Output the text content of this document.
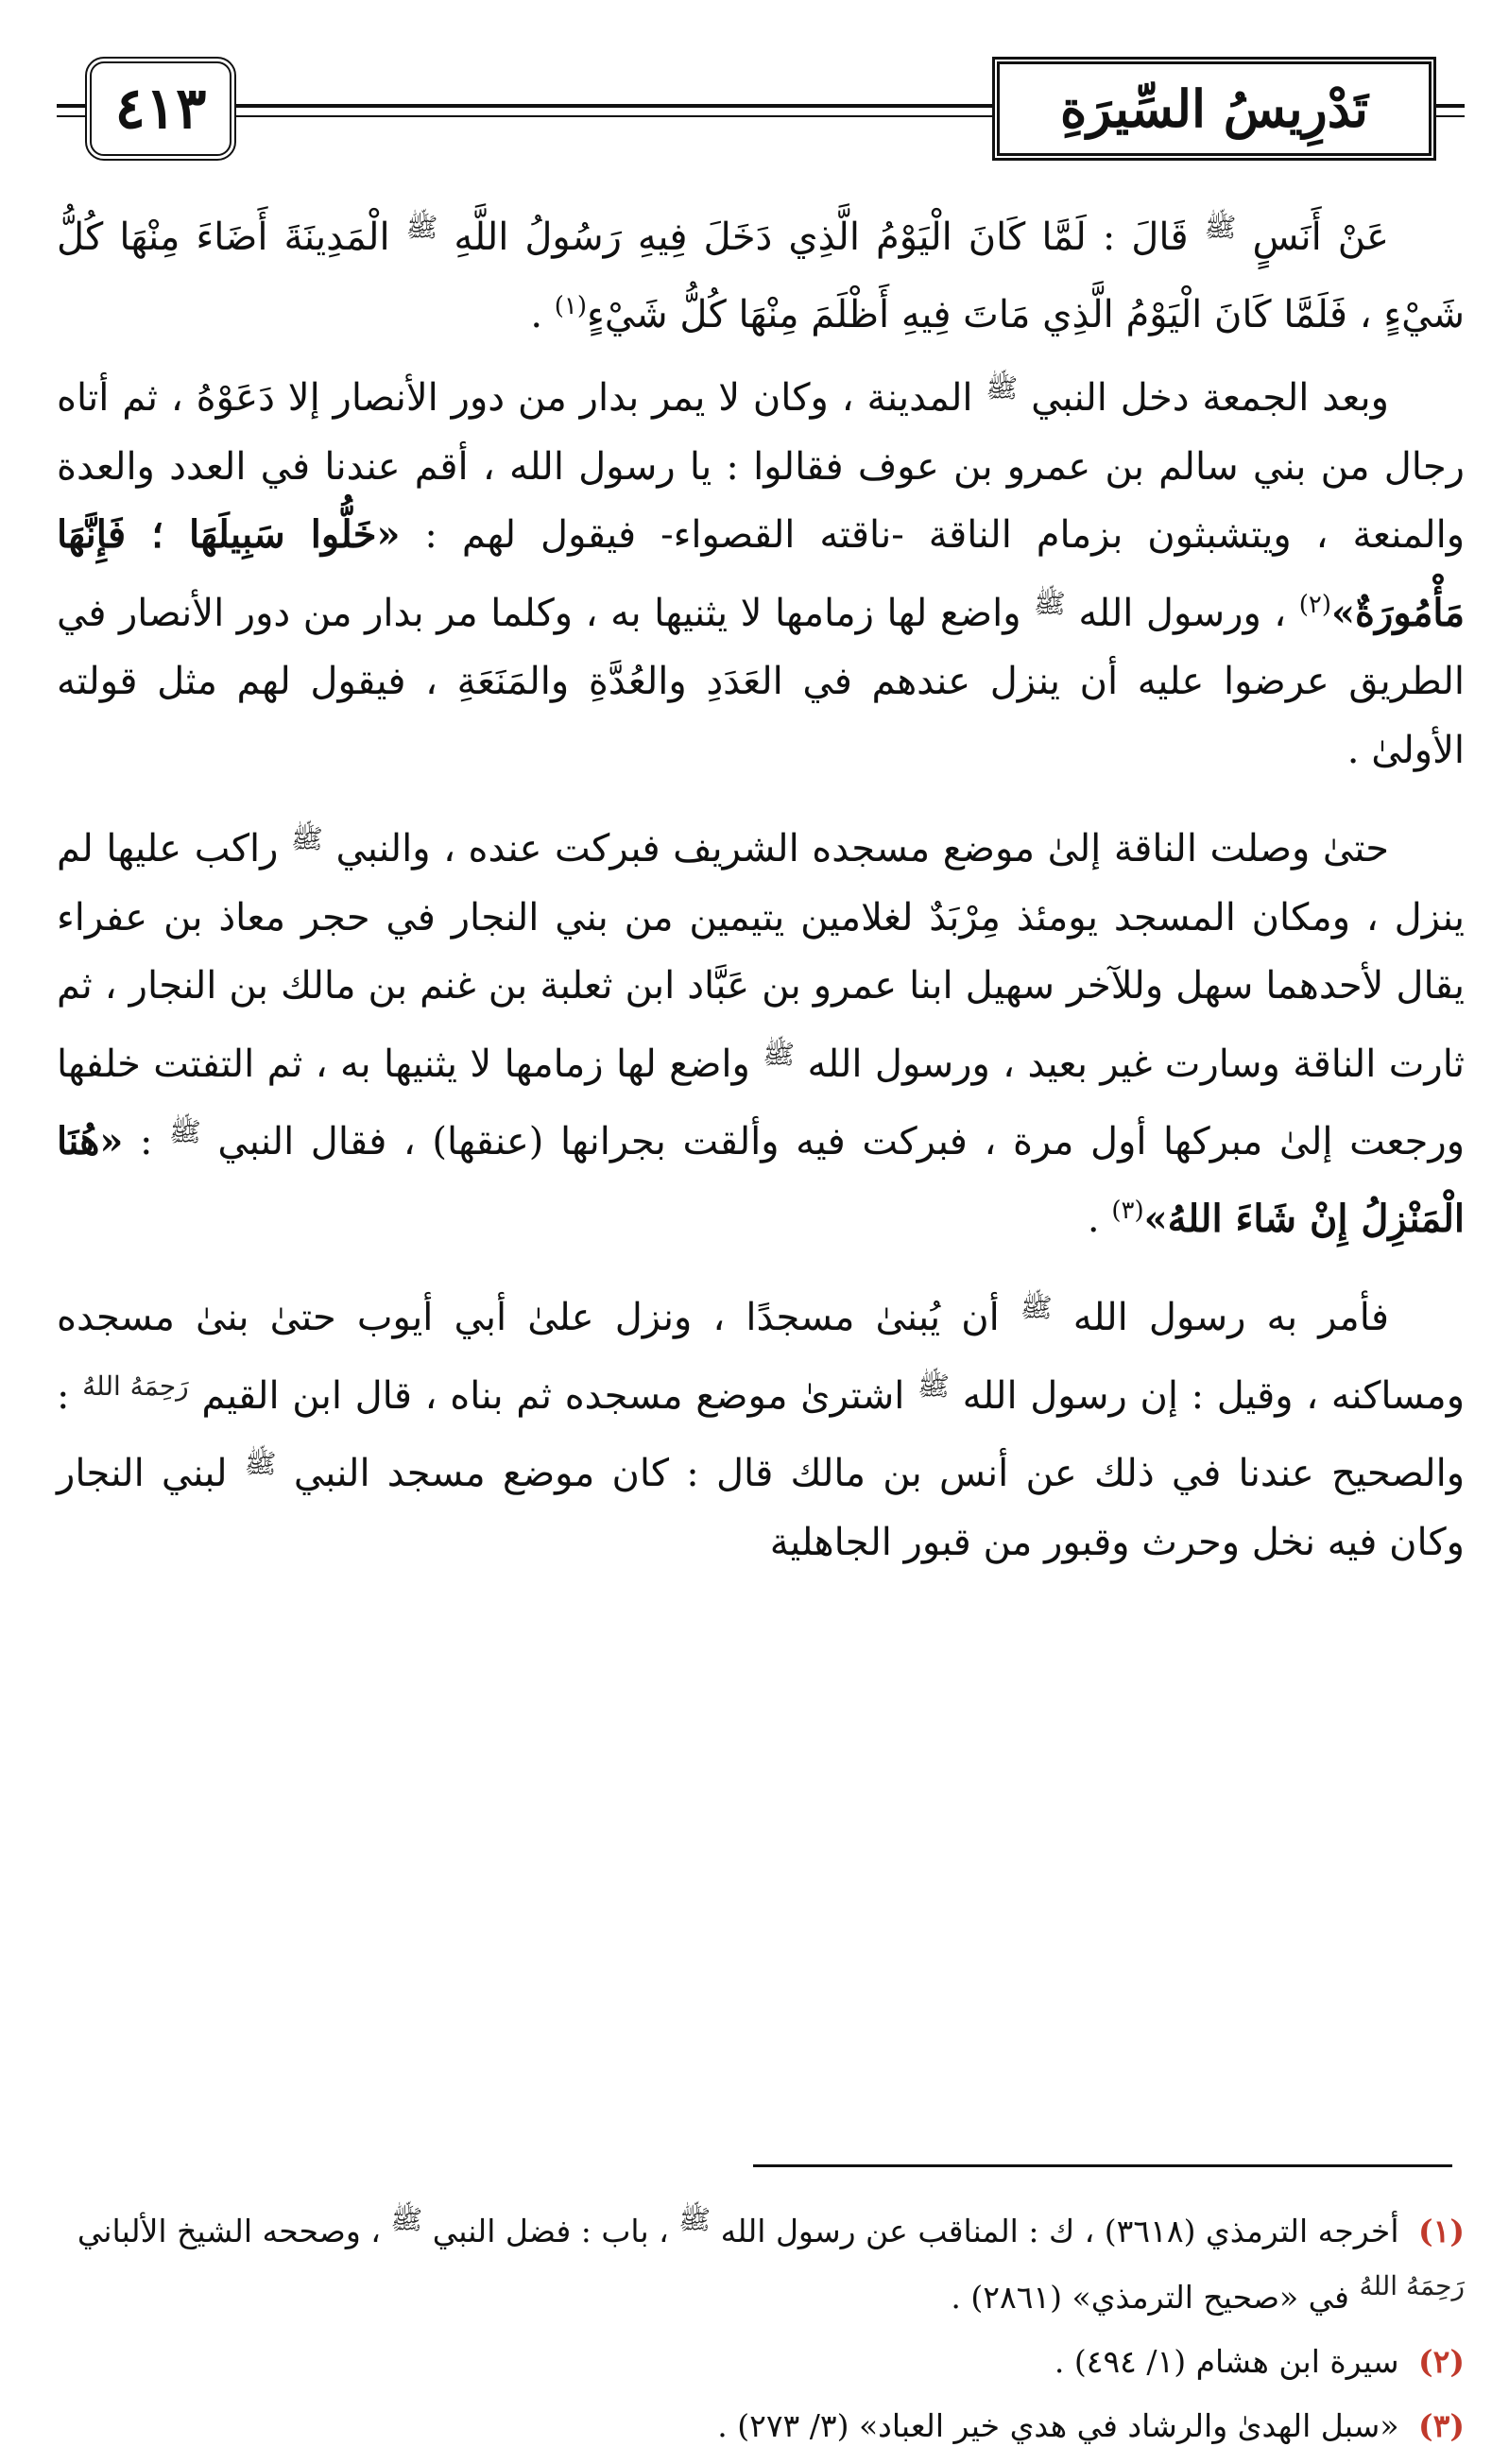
٤١٣	تَدْرِيسُ السِّيرَةِ

عَنْ أَنَسٍ $^ﷺ$ قَالَ : لَمَّا كَانَ الْيَوْمُ الَّذِي دَخَلَ فِيهِ رَسُولُ اللَّهِ $^ﷺ$ الْمَدِينَةَ أَضَاءَ مِنْهَا كُلُّ شَيْءٍ ، فَلَمَّا كَانَ الْيَوْمُ الَّذِي مَاتَ فِيهِ أَظْلَمَ مِنْهَا كُلُّ شَيْءٍ$^{(١)}$ .

وبعد الجمعة دخل النبي $^ﷺ$ المدينة ، وكان لا يمر بدار من دور الأنصار إلا دَعَوْهُ ، ثم أتاه رجال من بني سالم بن عمرو بن عوف فقالوا : يا رسول الله ، أقم عندنا في العدد والعدة والمنعة ، ويتشبثون بزمام الناقة -ناقته القصواء- فيقول لهم : «خَلُّوا سَبِيلَهَا ؛ فَإِنَّهَا مَأْمُورَةٌ»$^{(٢)}$ ، ورسول الله $^ﷺ$ واضع لها زمامها لا يثنيها به ، وكلما مر بدار من دور الأنصار في الطريق عرضوا عليه أن ينزل عندهم في العَدَدِ والعُدَّةِ والمَنَعَةِ ، فيقول لهم مثل قولته الأولىٰ .

حتىٰ وصلت الناقة إلىٰ موضع مسجده الشريف فبركت عنده ، والنبي $^ﷺ$ راكب عليها لم ينزل ، ومكان المسجد يومئذ مِرْبَدٌ لغلامين يتيمين من بني النجار في حجر معاذ بن عفراء يقال لأحدهما سهل وللآخر سهيل ابنا عمرو بن عَبَّاد ابن ثعلبة بن غنم بن مالك بن النجار ، ثم ثارت الناقة وسارت غير بعيد ، ورسول الله $^ﷺ$ واضع لها زمامها لا يثنيها به ، ثم التفتت خلفها ورجعت إلىٰ مبركها أول مرة ، فبركت فيه وألقت بجرانها (عنقها) ، فقال النبي $^ﷺ$ : «هُنَا الْمَنْزِلُ إِنْ شَاءَ اللهُ»$^{(٣)}$ .

فأمر به رسول الله $^ﷺ$ أن يُبنىٰ مسجدًا ، ونزل علىٰ أبي أيوب حتىٰ بنىٰ مسجده ومساكنه ، وقيل : إن رسول الله $^ﷺ$ اشترىٰ موضع مسجده ثم بناه ، قال ابن القيم $^{رَحِمَهُ اللهُ}$ : والصحيح عندنا في ذلك عن أنس بن مالك قال : كان موضع مسجد النبي $^ﷺ$ لبني النجار وكان فيه نخل وحرث وقبور من قبور الجاهلية

(١) أخرجه الترمذي (٣٦١٨) ، ك : المناقب عن رسول الله $^ﷺ$ ، باب : فضل النبي $^ﷺ$ ، وصححه الشيخ الألباني $^{رَحِمَهُ اللهُ}$ في «صحيح الترمذي» (٢٨٦١) .

(٢) سيرة ابن هشام (١/ ٤٩٤) .

(٣) «سبل الهدىٰ والرشاد في هدي خير العباد» (٣/ ٢٧٣) .
